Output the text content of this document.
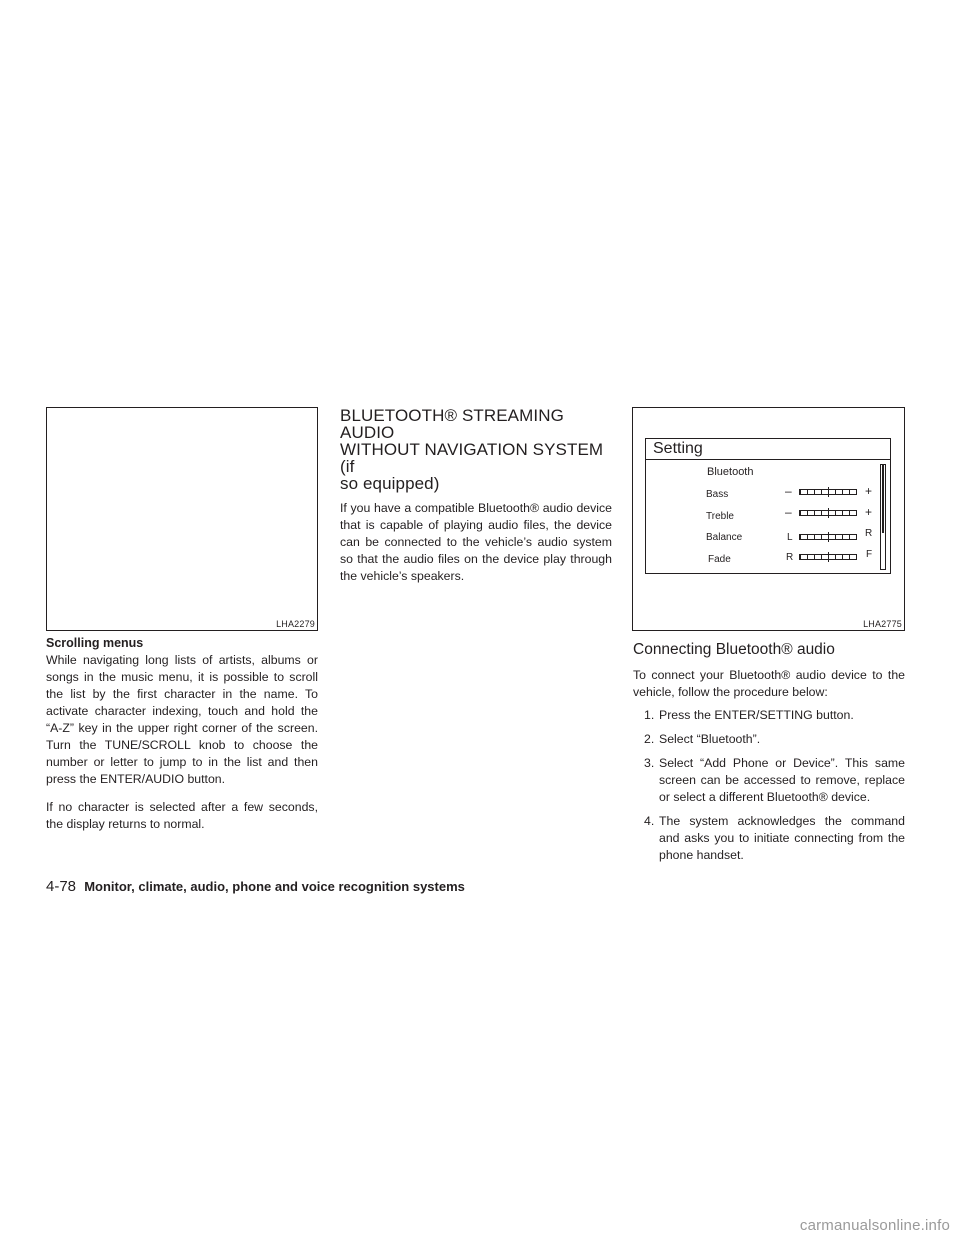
LHA2279

Scrolling menus

While navigating long lists of artists, albums or songs in the music menu, it is possible to scroll the list by the first character in the name. To activate character indexing, touch and hold the “A-Z” key in the upper right corner of the screen. Turn the TUNE/SCROLL knob to choose the number or letter to jump to in the list and then press the ENTER/AUDIO button.

If no character is selected after a few seconds, the display returns to normal.

BLUETOOTH® STREAMING AUDIO
WITHOUT NAVIGATION SYSTEM (if
so equipped)

If you have a compatible Bluetooth® audio device that is capable of playing audio files, the device can be connected to the vehicle’s audio system so that the audio files on the device play through the vehicle’s speakers.

LHA2775
Setting
Bluetooth
Bass	–	+
Treble	–	+
Balance	L	R
Fade	R	F
Connecting Bluetooth® audio

To connect your Bluetooth® audio device to the vehicle, follow the procedure below:

1 . Press the ENTER/SETTING button.
2 . Select “Bluetooth”.
3 . Select “Add Phone or Device”. This same screen can be accessed to remove, replace or select a different Bluetooth® device.
4 . The system acknowledges the command and asks you to initiate connecting from the phone handset.
4-78 Monitor, climate, audio, phone and voice recognition systems
carmanualsonline.info
